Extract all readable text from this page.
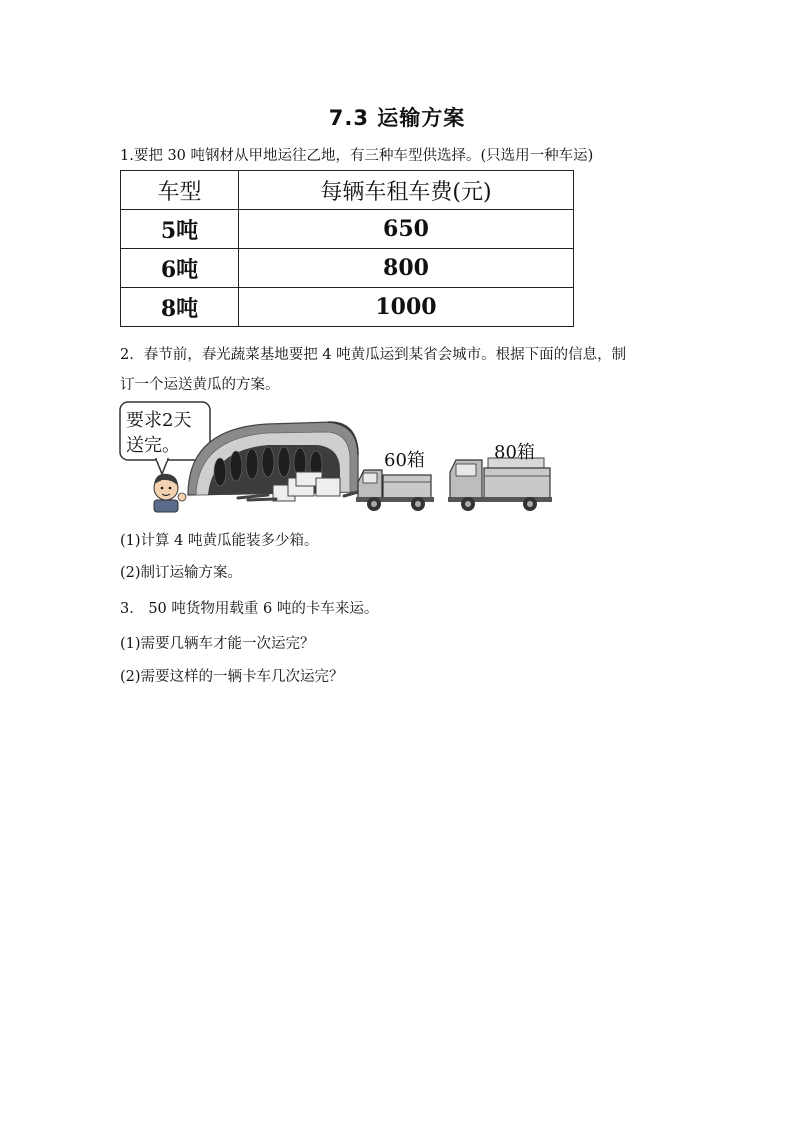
7.3 运输方案
1.要把 30 吨钢材从甲地运往乙地，有三种车型供选择。(只选用一种车运)
车型	每辆车租车费(元)
5吨	650
6吨	800
8吨	1000
2．春节前，春光蔬菜基地要把 4 吨黄瓜运到某省会城市。根据下面的信息，制
订一个运送黄瓜的方案。
要求2天
送完。
60箱	80箱
(1)计算 4 吨黄瓜能装多少箱。
(2)制订运输方案。
3． 50 吨货物用载重 6 吨的卡车来运。
(1)需要几辆车才能一次运完？
(2)需要这样的一辆卡车几次运完？
